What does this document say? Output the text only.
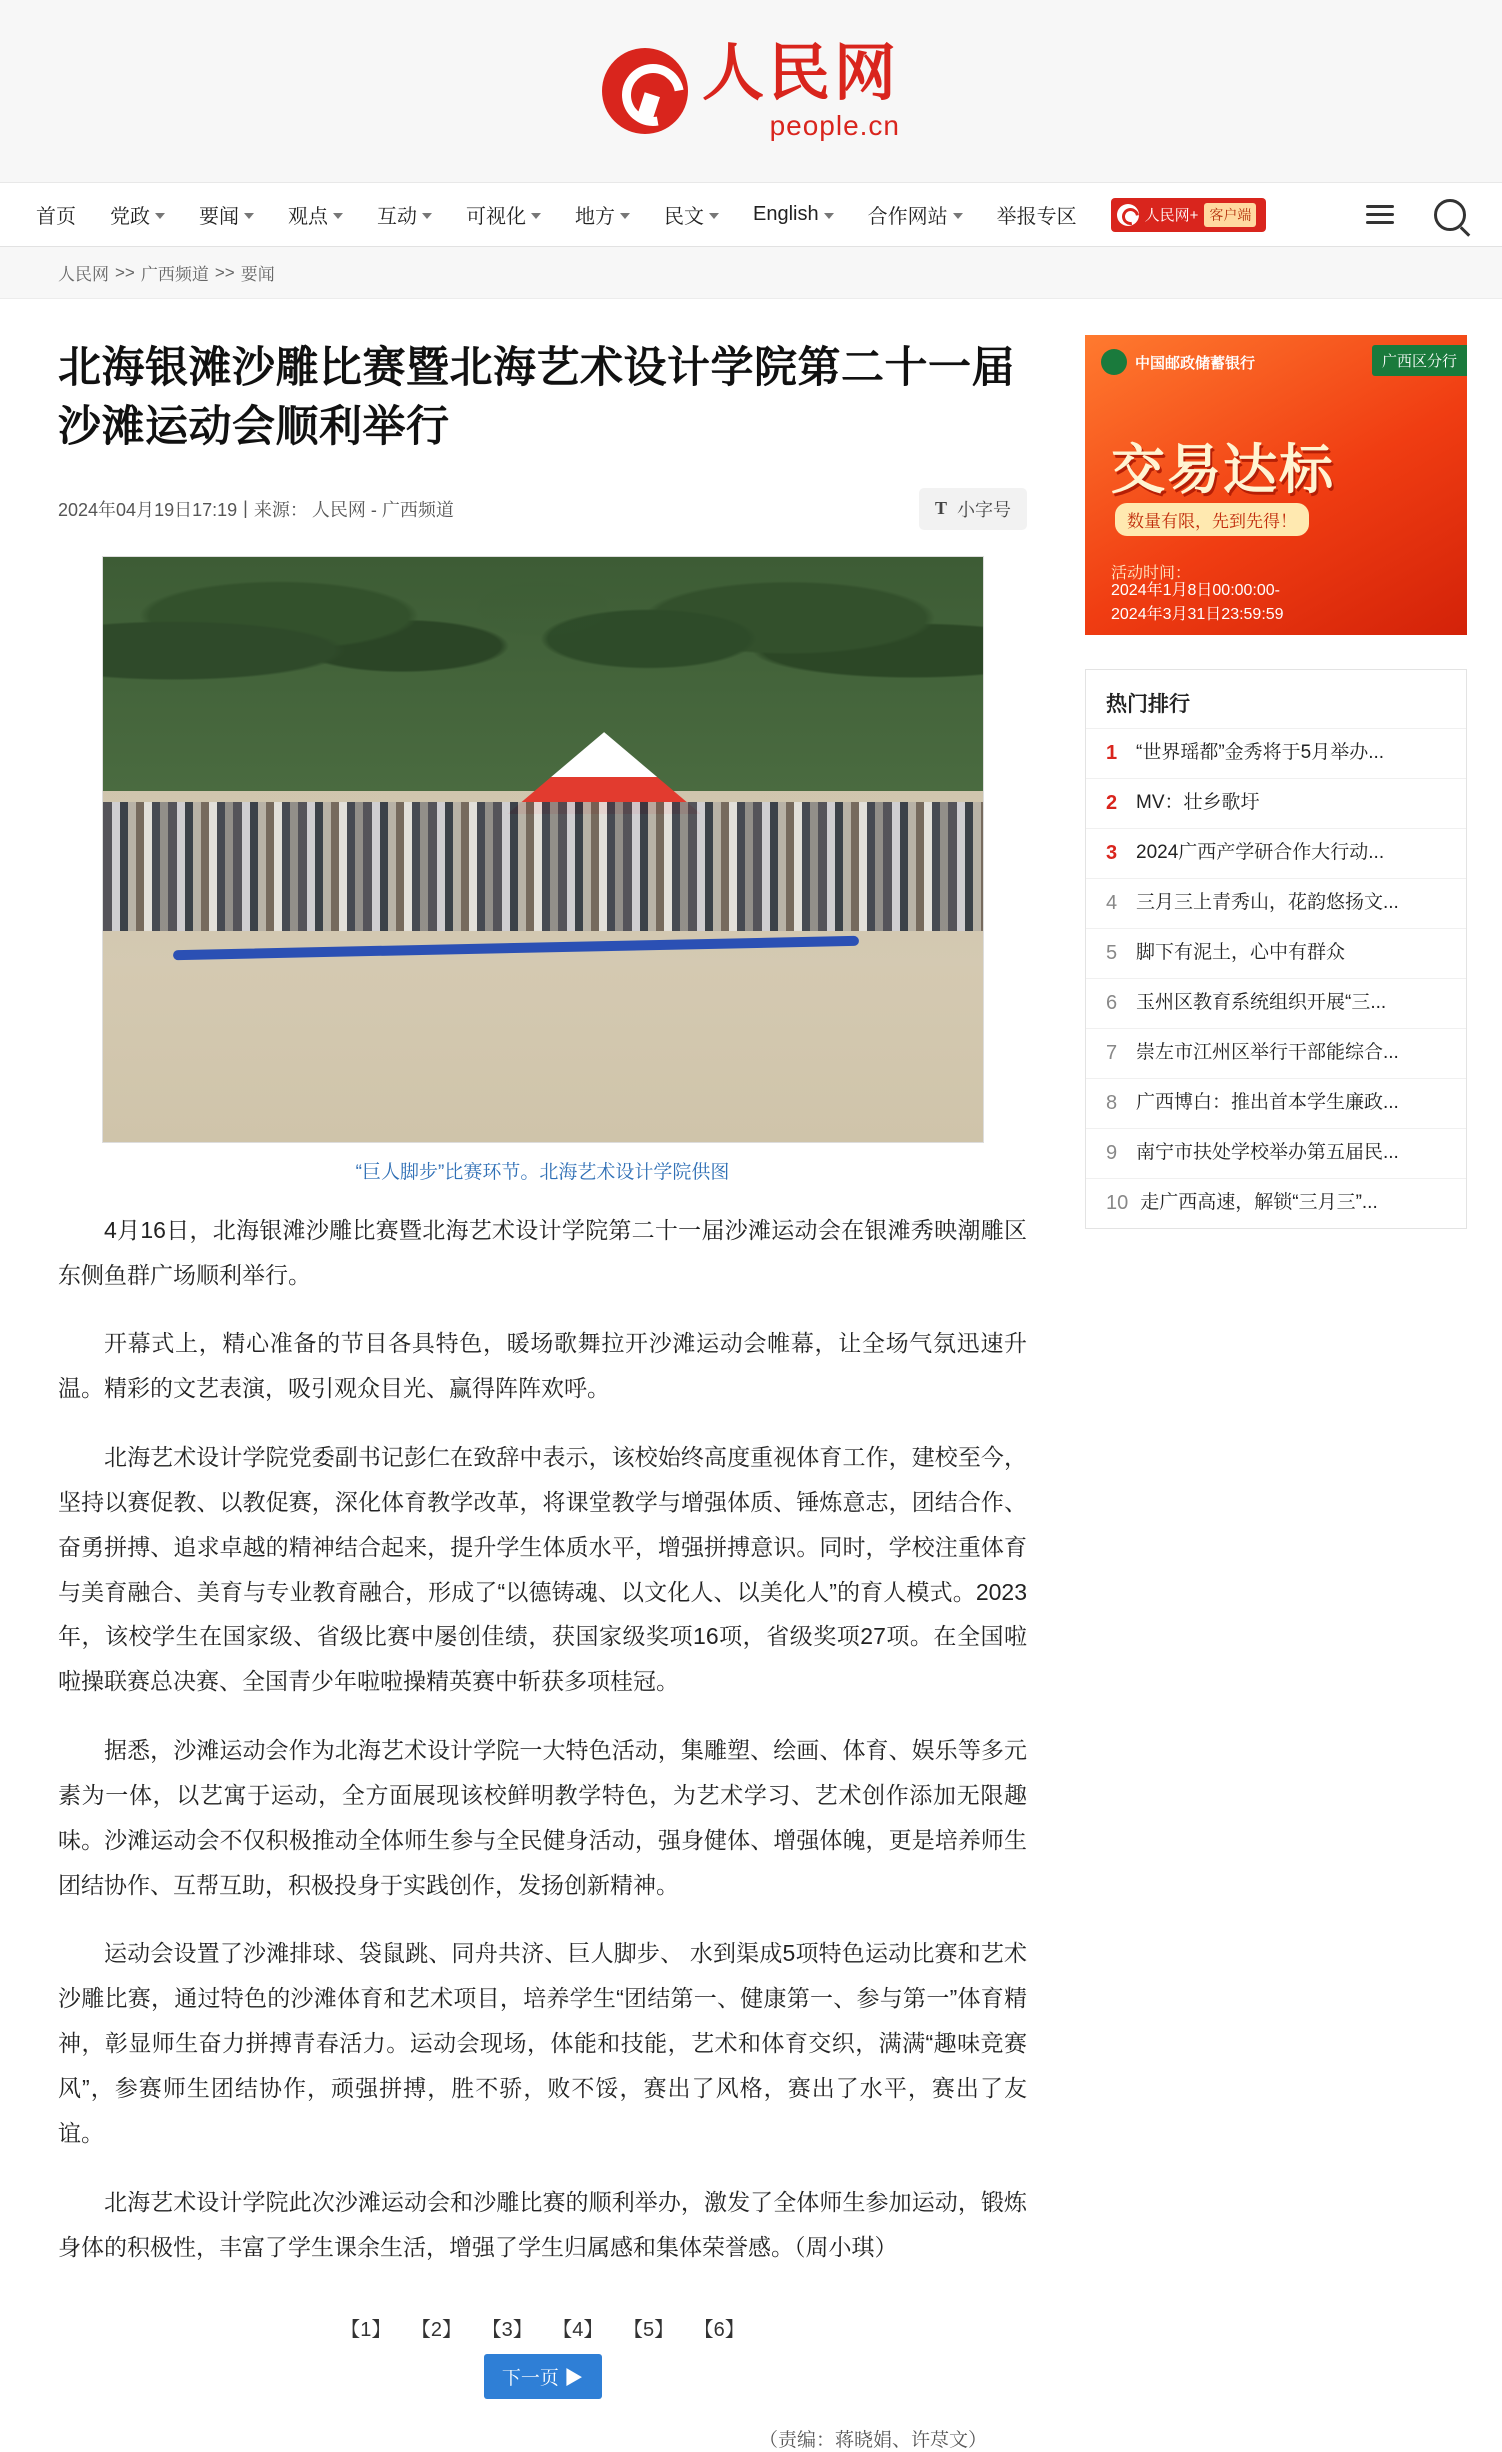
人民网
people.cn
首页 党政 要闻 观点 互动 可视化 地方 民文 English 合作网站 举报专区	人民网+ 客户端
人民网 >> 广西频道 >> 要闻
北海银滩沙雕比赛暨北海艺术设计学院第二十一届沙滩运动会顺利举行
2024年04月19日17:19 | 来源： 人民网 - 广西频道	T 小字号
“巨人脚步”比赛环节。北海艺术设计学院供图

4月16日，北海银滩沙雕比赛暨北海艺术设计学院第二十一届沙滩运动会在银滩秀映潮雕区东侧鱼群广场顺利举行。

开幕式上，精心准备的节目各具特色，暖场歌舞拉开沙滩运动会帷幕，让全场气氛迅速升温。精彩的文艺表演，吸引观众目光、赢得阵阵欢呼。

北海艺术设计学院党委副书记彭仁在致辞中表示，该校始终高度重视体育工作，建校至今，坚持以赛促教、以教促赛，深化体育教学改革，将课堂教学与增强体质、锤炼意志，团结合作、奋勇拼搏、追求卓越的精神结合起来，提升学生体质水平，增强拼搏意识。同时，学校注重体育与美育融合、美育与专业教育融合，形成了“以德铸魂、以文化人、以美化人”的育人模式。2023年，该校学生在国家级、省级比赛中屡创佳绩，获国家级奖项16项，省级奖项27项。在全国啦啦操联赛总决赛、全国青少年啦啦操精英赛中斩获多项桂冠。

据悉，沙滩运动会作为北海艺术设计学院一大特色活动，集雕塑、绘画、体育、娱乐等多元素为一体，以艺寓于运动，全方面展现该校鲜明教学特色，为艺术学习、艺术创作添加无限趣味。沙滩运动会不仅积极推动全体师生参与全民健身活动，强身健体、增强体魄，更是培养师生团结协作、互帮互助，积极投身于实践创作，发扬创新精神。

运动会设置了沙滩排球、袋鼠跳、同舟共济、巨人脚步、 水到渠成5项特色运动比赛和艺术沙雕比赛，通过特色的沙滩体育和艺术项目，培养学生“团结第一、健康第一、参与第一”体育精神，彰显师生奋力拼搏青春活力。运动会现场，体能和技能，艺术和体育交织，满满“趣味竞赛风”，参赛师生团结协作，顽强拼搏，胜不骄，败不馁，赛出了风格，赛出了水平，赛出了友谊。

北海艺术设计学院此次沙滩运动会和沙雕比赛的顺利举办，激发了全体师生参加运动，锻炼身体的积极性，丰富了学生课余生活，增强了学生归属感和集体荣誉感。（周小琪）

【1】 【2】 【3】 【4】 【5】 【6】
下一页 ▶
（责编：蒋晓娟、许荩文）
中国邮政储蓄银行	广西区分行
交易达标
数量有限，先到先得！
活动时间：
2024年1月8日00:00:00-
2024年3月31日23:59:59
热门排行
1 “世界瑶都”金秀将于5月举办...
2 MV：壮乡歌圩
3 2024广西产学研合作大行动...
4 三月三上青秀山，花韵悠扬文...
5 脚下有泥土，心中有群众
6 玉州区教育系统组织开展“三...
7 崇左市江州区举行干部能综合...
8 广西博白：推出首本学生廉政...
9 南宁市扶处学校举办第五届民...
10 走广西高速，解锁“三月三”...
